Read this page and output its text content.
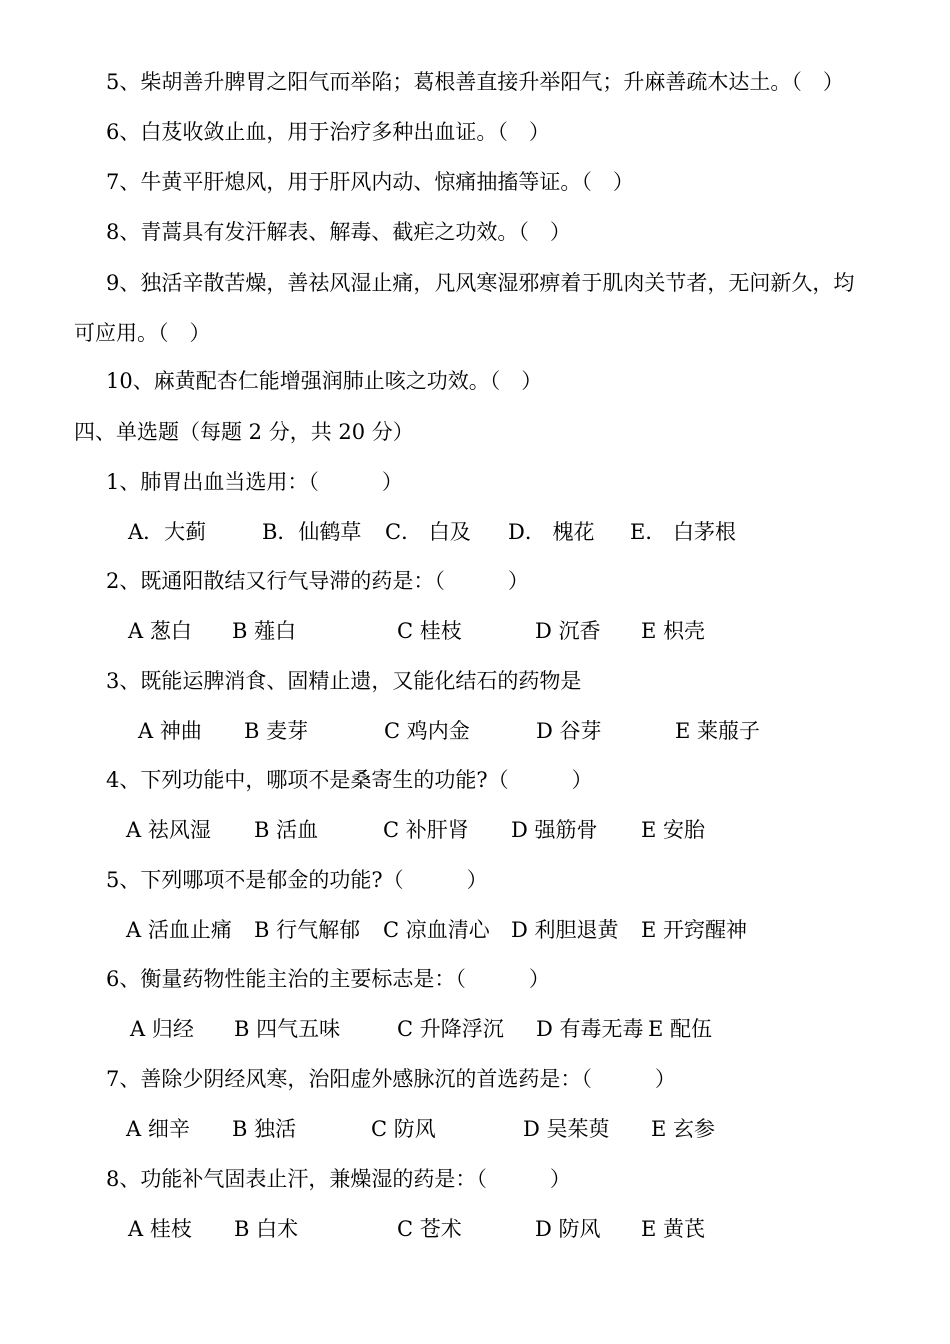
5、柴胡善升脾胃之阳气而举陷；葛根善直接升举阳气；升麻善疏木达土。（　）
6、白芨收敛止血，用于治疗多种出血证。（　）
7、牛黄平肝熄风，用于肝风内动、惊痛抽搐等证。（　）
8、青蒿具有发汗解表、解毒、截疟之功效。（　）
9、独活辛散苦燥，善祛风湿止痛，凡风寒湿邪痹着于肌肉关节者，无问新久，均
可应用。（　）
10、麻黄配杏仁能增强润肺止咳之功效。（　）
四、单选题（每题 2 分，共 20 分）
1、肺胃出血当选用：（　　　）
A．大蓟	B．仙鹤草 C． 白及 D． 槐花 E． 白茅根
2、既通阳散结又行气导滞的药是：（　　　）
A 葱白 B 薤白	C 桂枝	D 沉香 E 枳壳
3、既能运脾消食、固精止遗，又能化结石的药物是
A 神曲 B 麦芽	C 鸡内金	D 谷芽	E 莱菔子
4、下列功能中，哪项不是桑寄生的功能?（　　　）
A 祛风湿 B 活血	C 补肝肾 D 强筋骨 E 安胎
5、下列哪项不是郁金的功能?（　　　）
A 活血止痛 B 行气解郁 C 凉血清心 D 利胆退黄 E 开窍醒神
6、衡量药物性能主治的主要标志是：（　　　）
A 归经 B 四气五味	C 升降浮沉 D 有毒无毒 E 配伍
7、善除少阴经风寒，治阳虚外感脉沉的首选药是：（　　　）
A 细辛 B 独活	C 防风	D 吴茱萸 E 玄参
8、功能补气固表止汗，兼燥湿的药是：（　　　）
A 桂枝 B 白术	C 苍术	D 防风 E 黄芪
